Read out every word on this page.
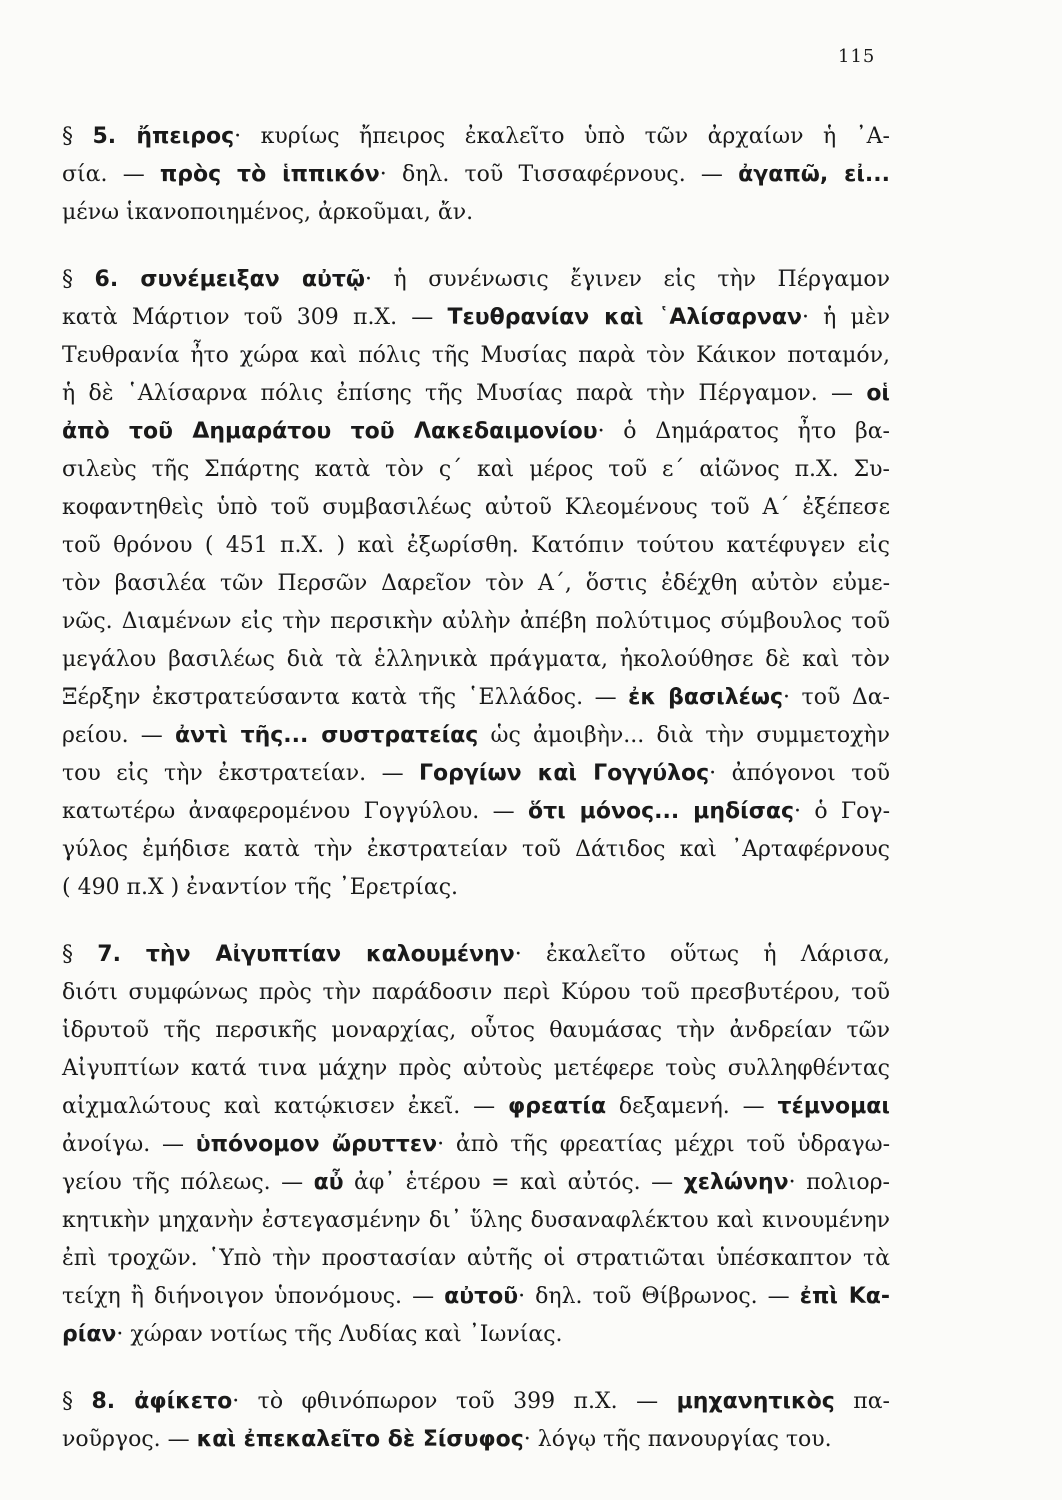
115
§ 5. ἤπειρος· κυρίως ἤπειρος ἐκαλεῖτο ὑπὸ τῶν ἀρχαίων ἡ ᾿Α-
σία. — πρὸς τὸ ἱππικόν· δηλ. τοῦ Τισσαφέρνους. — ἀγαπῶ, εἰ...
μένω ἱκανοποιημένος, ἀρκοῦμαι, ἄν.
§ 6. συνέμειξαν αὐτῷ· ἡ συνένωσις ἔγινεν εἰς τὴν Πέργαμον
κατὰ Μάρτιον τοῦ 309 π.Χ. — Τευθρανίαν καὶ ῾Αλίσαρναν· ἡ μὲν
Τευθρανία ἦτο χώρα καὶ πόλις τῆς Μυσίας παρὰ τὸν Κάικον ποταμόν,
ἡ δὲ ῾Αλίσαρνα πόλις ἐπίσης τῆς Μυσίας παρὰ τὴν Πέργαμον. — οἱ
ἀπὸ τοῦ Δημαράτου τοῦ Λακεδαιμονίου· ὁ Δημάρατος ἦτο βα-
σιλεὺς τῆς Σπάρτης κατὰ τὸν ς´ καὶ μέρος τοῦ ε´ αἰῶνος π.Χ. Συ-
κοφαντηθεὶς ὑπὸ τοῦ συμβασιλέως αὐτοῦ Κλεομένους τοῦ Α´ ἐξέπεσε
τοῦ θρόνου ( 451 π.Χ. ) καὶ ἐξωρίσθη. Κατόπιν τούτου κατέφυγεν εἰς
τὸν βασιλέα τῶν Περσῶν Δαρεῖον τὸν Α´, ὅστις ἐδέχθη αὐτὸν εὐμε-
νῶς. Διαμένων εἰς τὴν περσικὴν αὐλὴν ἀπέβη πολύτιμος σύμβουλος τοῦ
μεγάλου βασιλέως διὰ τὰ ἑλληνικὰ πράγματα, ἠκολούθησε δὲ καὶ τὸν
Ξέρξην ἐκστρατεύσαντα κατὰ τῆς ῾Ελλάδος. — ἐκ βασιλέως· τοῦ Δα-
ρείου. — ἀντὶ τῆς... συστρατείας ὡς ἀμοιβὴν... διὰ τὴν συμμετοχὴν
του εἰς τὴν ἐκστρατείαν. — Γοργίων καὶ Γογγύλος· ἀπόγονοι τοῦ
κατωτέρω ἀναφερομένου Γογγύλου. — ὅτι μόνος... μηδίσας· ὁ Γογ-
γύλος ἐμήδισε κατὰ τὴν ἐκστρατείαν τοῦ Δάτιδος καὶ ᾿Αρταφέρνους
( 490 π.Χ ) ἐναντίον τῆς ᾿Ερετρίας.
§ 7. τὴν Αἰγυπτίαν καλουμένην· ἐκαλεῖτο οὕτως ἡ Λάρισα,
διότι συμφώνως πρὸς τὴν παράδοσιν περὶ Κύρου τοῦ πρεσβυτέρου, τοῦ
ἱδρυτοῦ τῆς περσικῆς μοναρχίας, οὗτος θαυμάσας τὴν ἀνδρείαν τῶν
Αἰγυπτίων κατά τινα μάχην πρὸς αὐτοὺς μετέφερε τοὺς συλληφθέντας
αἰχμαλώτους καὶ κατῴκισεν ἐκεῖ. — φρεατία δεξαμενή. — τέμνομαι
ἀνοίγω. — ὑπόνομον ὤρυττεν· ἀπὸ τῆς φρεατίας μέχρι τοῦ ὑδραγω-
γείου τῆς πόλεως. — αὖ ἀφ᾿ ἑτέρου = καὶ αὐτός. — χελώνην· πολιορ-
κητικὴν μηχανὴν ἐστεγασμένην δι᾿ ὕλης δυσαναφλέκτου καὶ κινουμένην
ἐπὶ τροχῶν. ῾Υπὸ τὴν προστασίαν αὐτῆς οἱ στρατιῶται ὑπέσκαπτον τὰ
τείχη ἢ διήνοιγον ὑπονόμους. — αὐτοῦ· δηλ. τοῦ Θίβρωνος. — ἐπὶ Κα-
ρίαν· χώραν νοτίως τῆς Λυδίας καὶ ᾿Ιωνίας.
§ 8. ἀφίκετο· τὸ φθινόπωρον τοῦ 399 π.Χ. — μηχανητικὸς πα-
νοῦργος. — καὶ ἐπεκαλεῖτο δὲ Σίσυφος· λόγῳ τῆς πανουργίας του.
